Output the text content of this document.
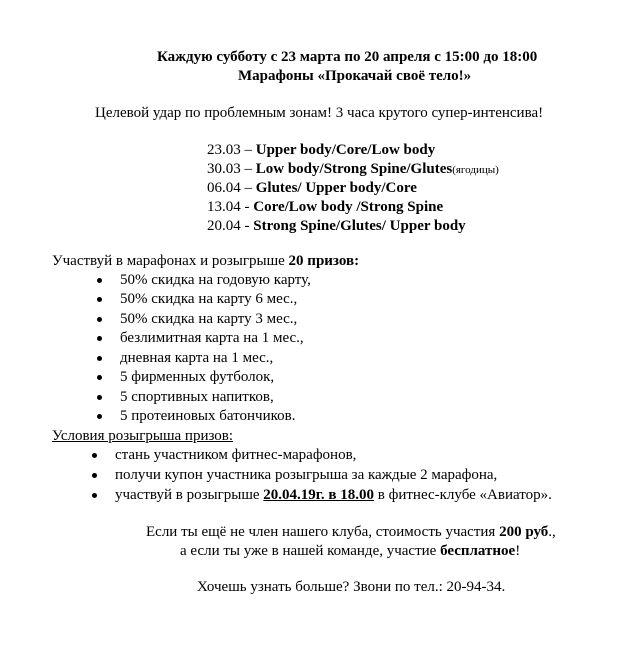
Каждую субботу с 23 марта по 20 апреля с 15:00 до 18:00
Марафоны «Прокачай своё тело!»
Целевой удар по проблемным зонам! 3 часа крутого супер-интенсива!
23.03 – Upper body/Core/Low body
30.03 – Low body/Strong Spine/Glutes(ягодицы)
06.04 – Glutes/ Upper body/Core
13.04 - Core/Low body /Strong Spine
20.04 - Strong Spine/Glutes/ Upper body
Участвуй в марафонах и розыгрыше 20 призов:
50% скидка на годовую карту,
50% скидка на карту 6 мес.,
50% скидка на карту 3 мес.,
безлимитная карта на 1 мес.,
дневная карта на 1 мес.,
5 фирменных футболок,
5 спортивных напитков,
5 протеиновых батончиков.
Условия розыгрыша призов:
стань участником фитнес-марафонов,
получи купон участника розыгрыша за каждые 2 марафона,
участвуй в розыгрыше 20.04.19г. в 18.00 в фитнес-клубе «Авиатор».
Если ты ещё не член нашего клуба, стоимость участия 200 руб.,
а если ты уже в нашей команде, участие бесплатное!
Хочешь узнать больше? Звони по тел.: 20-94-34.
